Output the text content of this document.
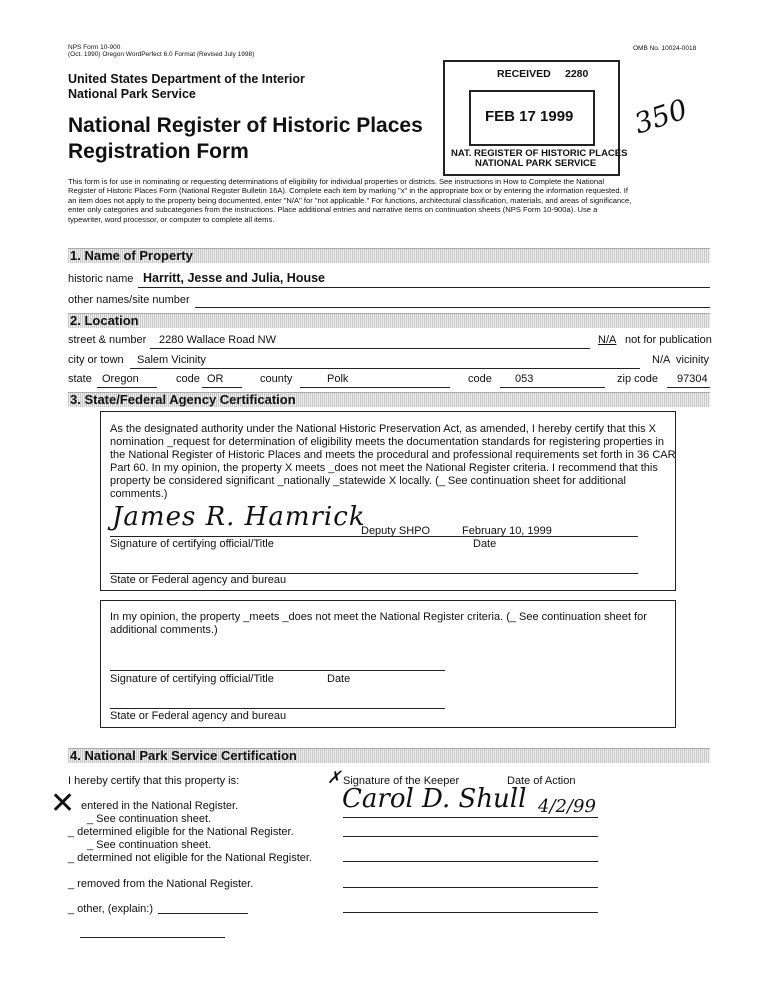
NPS Form 10-900
(Oct. 1990) Oregon WordPerfect 6.0 Format (Revised July 1998)
OMB No. 10024-0018
United States Department of the Interior
National Park Service
National Register of Historic Places
Registration Form
RECEIVED 2280
FEB 17 1999
NAT. REGISTER OF HISTORIC PLACES
NATIONAL PARK SERVICE
350
This form is for use in nominating or requesting determinations of eligibility for individual properties or districts. See instructions in How to Complete the National
Register of Historic Places Form (National Register Bulletin 16A). Complete each item by marking "x" in the appropriate box or by entering the information requested. If
an item does not apply to the property being documented, enter "N/A" for "not applicable." For functions, architectural classification, materials, and areas of significance,
enter only categories and subcategories from the instructions. Place additional entries and narrative items on continuation sheets (NPS Form 10-900a). Use a
typewriter, word processor, or computer to complete all items.
1. Name of Property
historic name Harritt, Jesse and Julia, House
other names/site number
2. Location
street & number 2280 Wallace Road NW	N/A not for publication
city or town Salem Vicinity	N/A vicinity
state Oregon	code OR	county	Polk	code 053	zip code 97304
3. State/Federal Agency Certification
As the designated authority under the National Historic Preservation Act, as amended, I hereby certify that this X
nomination _request for determination of eligibility meets the documentation standards for registering properties in
the National Register of Historic Places and meets the procedural and professional requirements set forth in 36 CAR
Part 60. In my opinion, the property X meets _does not meet the National Register criteria. I recommend that this
property be considered significant _nationally _statewide X locally. (_ See continuation sheet for additional
comments.)
James R. Hamrick
Deputy SHPO	February 10, 1999
Signature of certifying official/Title	Date
State or Federal agency and bureau
In my opinion, the property _meets _does not meet the National Register criteria. (_ See continuation sheet for
additional comments.)
Signature of certifying official/Title	Date
State or Federal agency and bureau
4. National Park Service Certification
I hereby certify that this property is:	Signature of the Keeper
✗	Date of Action
✕ entered in the National Register.
_ See continuation sheet.
Carol D. Shull 4/2/99
_ determined eligible for the National Register.
_ See continuation sheet.
_ determined not eligible for the National Register.
_ removed from the National Register.
_ other, (explain:)
